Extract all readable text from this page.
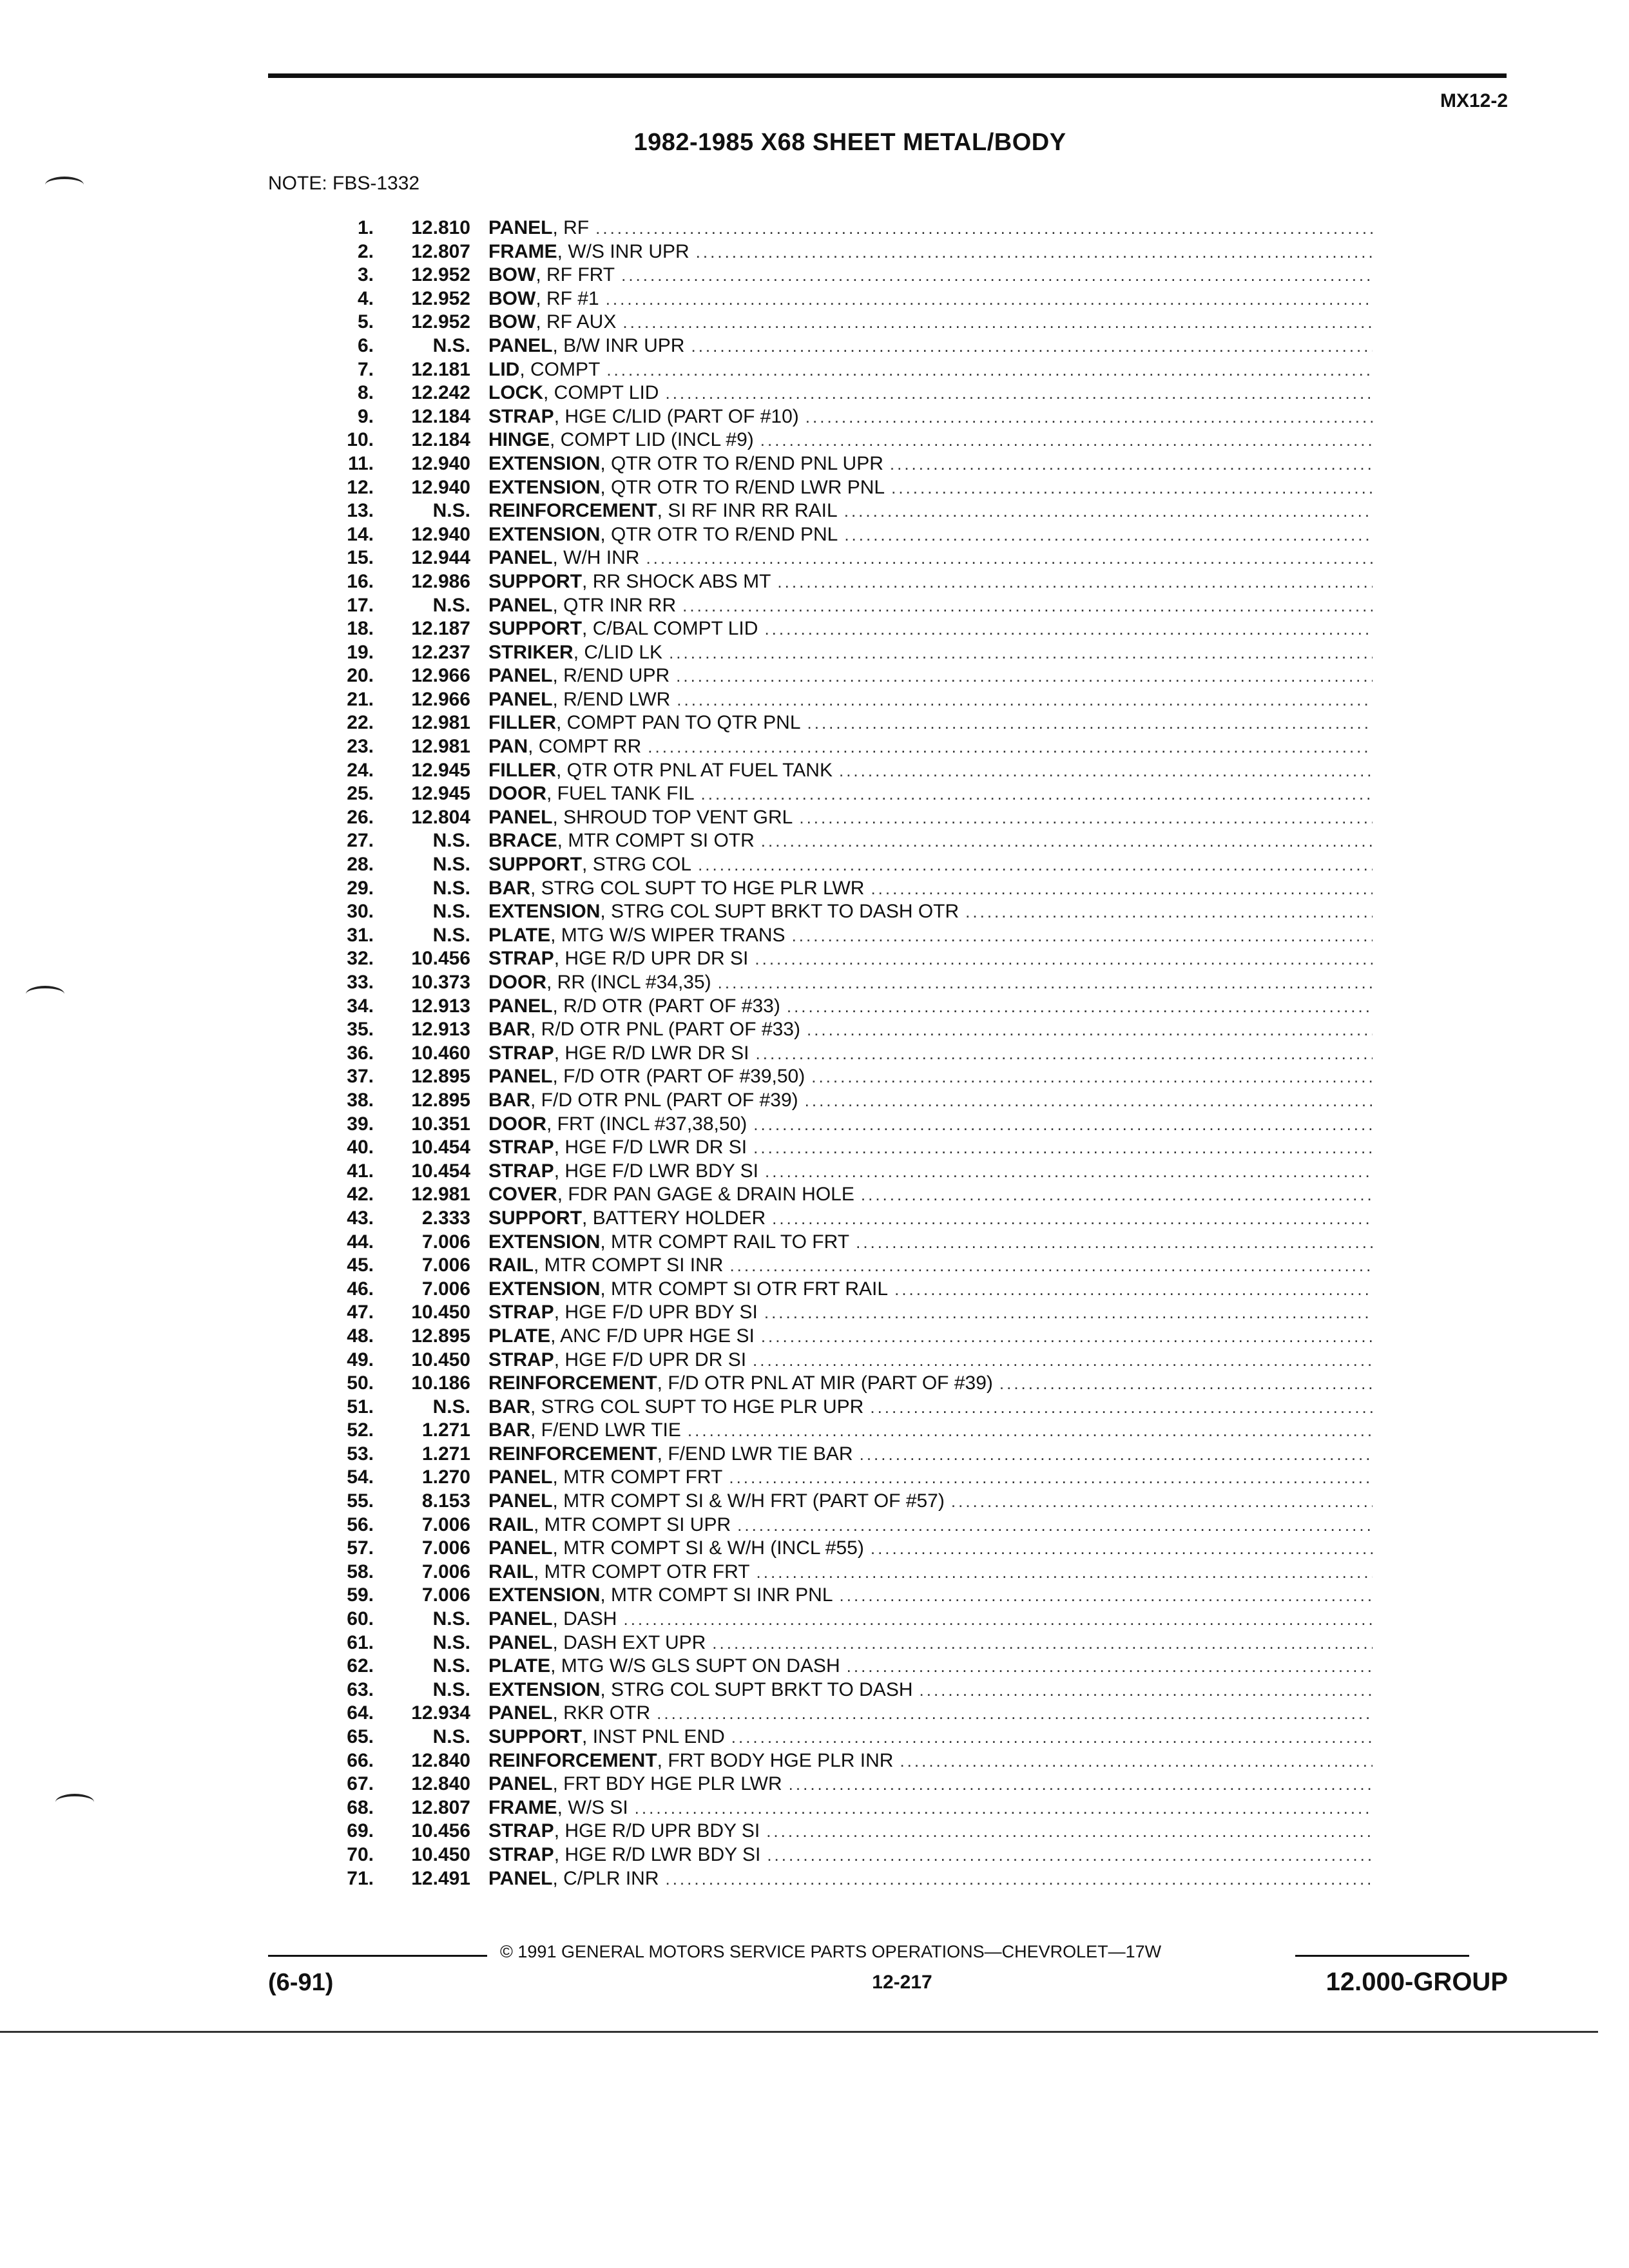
MX12-2
1982-1985 X68 SHEET METAL/BODY
NOTE: FBS-1332
1.	12.810 PANEL , RF
.....
2.	12.807 FRAME , W/S INR UPR
.....
3.	12.952 BOW , RF FRT
.....
4.	12.952 BOW , RF #1
.....
5.	12.952 BOW , RF AUX
.....
6.	N.S. PANEL , B/W INR UPR
.....
7.	12.181 LID , COMPT
.....
8.	12.242 LOCK , COMPT LID
.....
9.	12.184 STRAP , HGE C/LID (PART OF #10)
.....
10.	12.184 HINGE , COMPT LID (INCL #9)
.....
11.	12.940 EXTENSION , QTR OTR TO R/END PNL UPR
.....
12.	12.940 EXTENSION , QTR OTR TO R/END LWR PNL
.....
13.	N.S. REINFORCEMENT , SI RF INR RR RAIL
.....
14.	12.940 EXTENSION , QTR OTR TO R/END PNL
.....
15.	12.944 PANEL , W/H INR
.....
16.	12.986 SUPPORT , RR SHOCK ABS MT
.....
17.	N.S. PANEL , QTR INR RR
.....
18.	12.187 SUPPORT , C/BAL COMPT LID
.....
19.	12.237 STRIKER , C/LID LK
.....
20.	12.966 PANEL , R/END UPR
.....
21.	12.966 PANEL , R/END LWR
.....
22.	12.981 FILLER , COMPT PAN TO QTR PNL
.....
23.	12.981 PAN , COMPT RR
.....
24.	12.945 FILLER , QTR OTR PNL AT FUEL TANK
.....
25.	12.945 DOOR , FUEL TANK FIL
.....
26.	12.804 PANEL , SHROUD TOP VENT GRL
.....
27.	N.S. BRACE , MTR COMPT SI OTR
.....
28.	N.S. SUPPORT , STRG COL
.....
29.	N.S. BAR , STRG COL SUPT TO HGE PLR LWR
.....
30.	N.S. EXTENSION , STRG COL SUPT BRKT TO DASH OTR
.....
31.	N.S. PLATE , MTG W/S WIPER TRANS
.....
32.	10.456 STRAP , HGE R/D UPR DR SI
.....
33.	10.373 DOOR , RR (INCL #34,35)
.....
34.	12.913 PANEL , R/D OTR (PART OF #33)
.....
35.	12.913 BAR , R/D OTR PNL (PART OF #33)
.....
36.	10.460 STRAP , HGE R/D LWR DR SI
.....
37.	12.895 PANEL , F/D OTR (PART OF #39,50)
.....
38.	12.895 BAR , F/D OTR PNL (PART OF #39)
.....
39.	10.351 DOOR , FRT (INCL #37,38,50)
.....
40.	10.454 STRAP , HGE F/D LWR DR SI
.....
41.	10.454 STRAP , HGE F/D LWR BDY SI
.....
42.	12.981 COVER , FDR PAN GAGE & DRAIN HOLE
.....
43.	2.333 SUPPORT , BATTERY HOLDER
.....
44.	7.006 EXTENSION , MTR COMPT RAIL TO FRT
.....
45.	7.006 RAIL , MTR COMPT SI INR
.....
46.	7.006 EXTENSION , MTR COMPT SI OTR FRT RAIL
.....
47.	10.450 STRAP , HGE F/D UPR BDY SI
.....
48.	12.895 PLATE , ANC F/D UPR HGE SI
.....
49.	10.450 STRAP , HGE F/D UPR DR SI
.....
50.	10.186 REINFORCEMENT , F/D OTR PNL AT MIR (PART OF #39)
.....
51.	N.S. BAR , STRG COL SUPT TO HGE PLR UPR
.....
52.	1.271 BAR , F/END LWR TIE
.....
53.	1.271 REINFORCEMENT , F/END LWR TIE BAR
.....
54.	1.270 PANEL , MTR COMPT FRT
.....
55.	8.153 PANEL , MTR COMPT SI & W/H FRT (PART OF #57)
.....
56.	7.006 RAIL , MTR COMPT SI UPR
.....
57.	7.006 PANEL , MTR COMPT SI & W/H (INCL #55)
.....
58.	7.006 RAIL , MTR COMPT OTR FRT
.....
59.	7.006 EXTENSION , MTR COMPT SI INR PNL
.....
60.	N.S. PANEL , DASH
.....
61.	N.S. PANEL , DASH EXT UPR
.....
62.	N.S. PLATE , MTG W/S GLS SUPT ON DASH
.....
63.	N.S. EXTENSION , STRG COL SUPT BRKT TO DASH
.....
64.	12.934 PANEL , RKR OTR
.....
65.	N.S. SUPPORT , INST PNL END
.....
66.	12.840 REINFORCEMENT , FRT BODY HGE PLR INR
.....
67.	12.840 PANEL , FRT BDY HGE PLR LWR
.....
68.	12.807 FRAME , W/S SI
.....
69.	10.456 STRAP , HGE R/D UPR BDY SI
.....
70.	10.450 STRAP , HGE R/D LWR BDY SI
.....
71.	12.491 PANEL , C/PLR INR
.....
© 1991 GENERAL MOTORS SERVICE PARTS OPERATIONS—CHEVROLET—17W
(6-91)	12-217	12.000-GROUP
